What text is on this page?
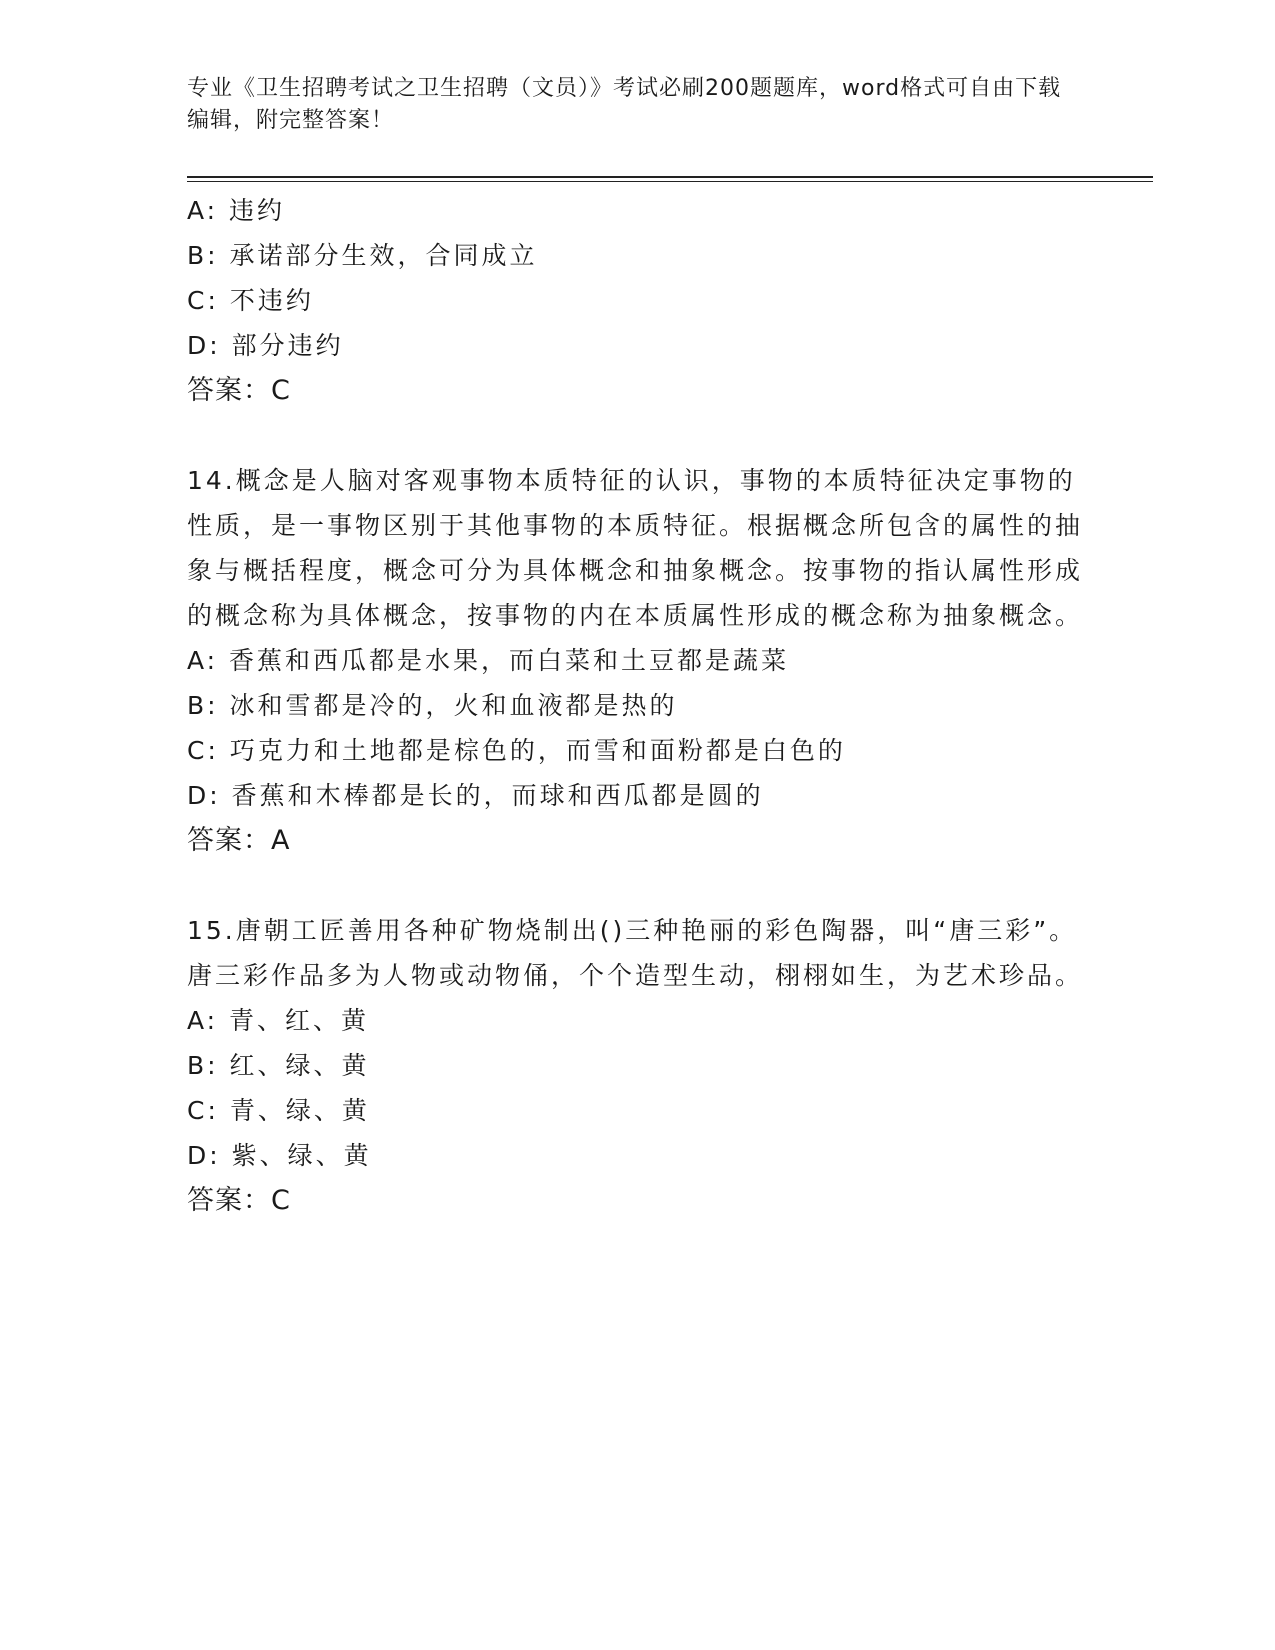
专业《卫生招聘考试之卫生招聘（文员）》考试必刷200题题库，word格式可自由下载编辑，附完整答案！
A: 违约
B: 承诺部分生效，合同成立
C: 不违约
D: 部分违约
答案：C
14.概念是人脑对客观事物本质特征的认识，事物的本质特征决定事物的性质，是一事物区别于其他事物的本质特征。根据概念所包含的属性的抽象与概括程度，概念可分为具体概念和抽象概念。按事物的指认属性形成的概念称为具体概念，按事物的内在本质属性形成的概念称为抽象概念。
A: 香蕉和西瓜都是水果，而白菜和土豆都是蔬菜
B: 冰和雪都是冷的，火和血液都是热的
C: 巧克力和土地都是棕色的，而雪和面粉都是白色的
D: 香蕉和木棒都是长的，而球和西瓜都是圆的
答案：A
15.唐朝工匠善用各种矿物烧制出()三种艳丽的彩色陶器，叫“唐三彩”。唐三彩作品多为人物或动物俑，个个造型生动，栩栩如生，为艺术珍品。
A: 青、红、黄
B: 红、绿、黄
C: 青、绿、黄
D: 紫、绿、黄
答案：C
